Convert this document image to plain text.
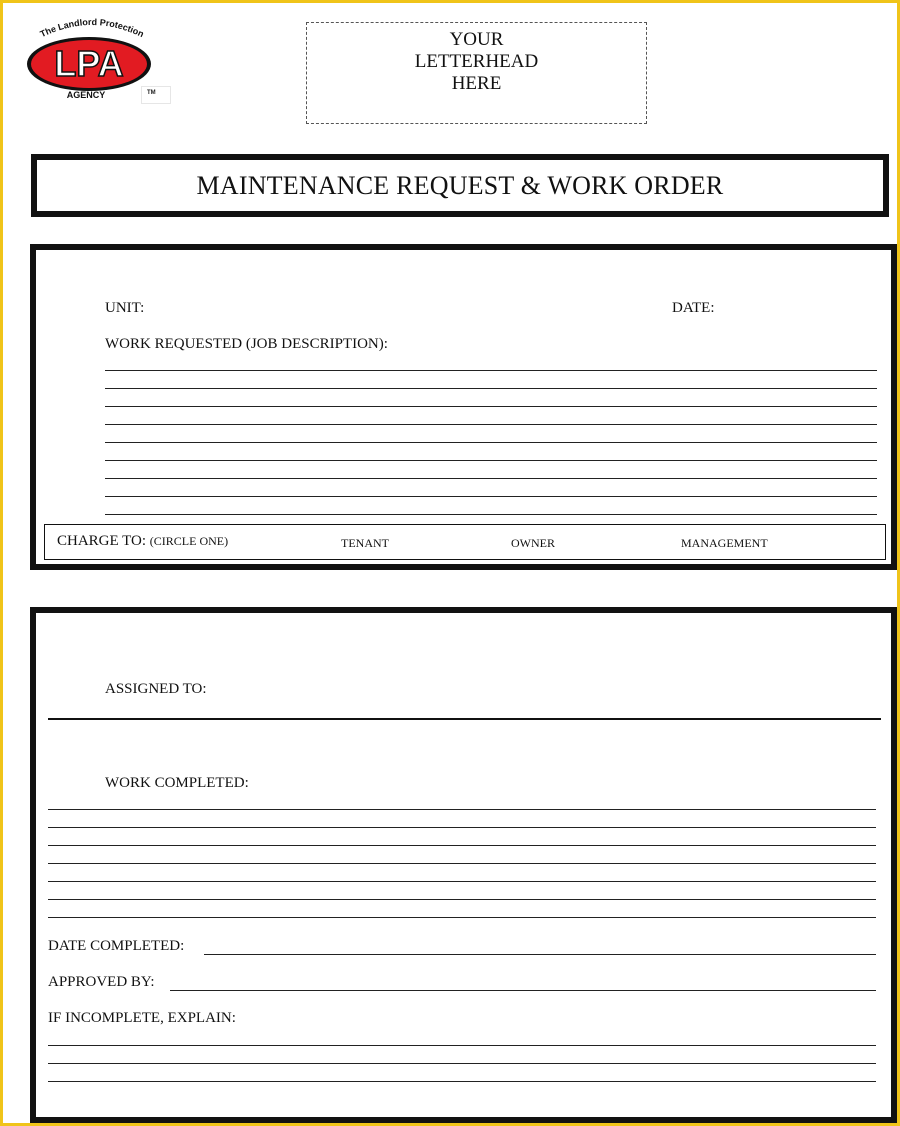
The Landlord Protection
LPA
AGENCY	TM
YOUR
LETTERHEAD
HERE
MAINTENANCE REQUEST & WORK ORDER
UNIT:	DATE:
WORK REQUESTED (JOB DESCRIPTION):
CHARGE TO: (CIRCLE ONE)	TENANT	OWNER	MANAGEMENT
ASSIGNED TO:
WORK COMPLETED:
DATE COMPLETED:
APPROVED BY:
IF INCOMPLETE, EXPLAIN:
